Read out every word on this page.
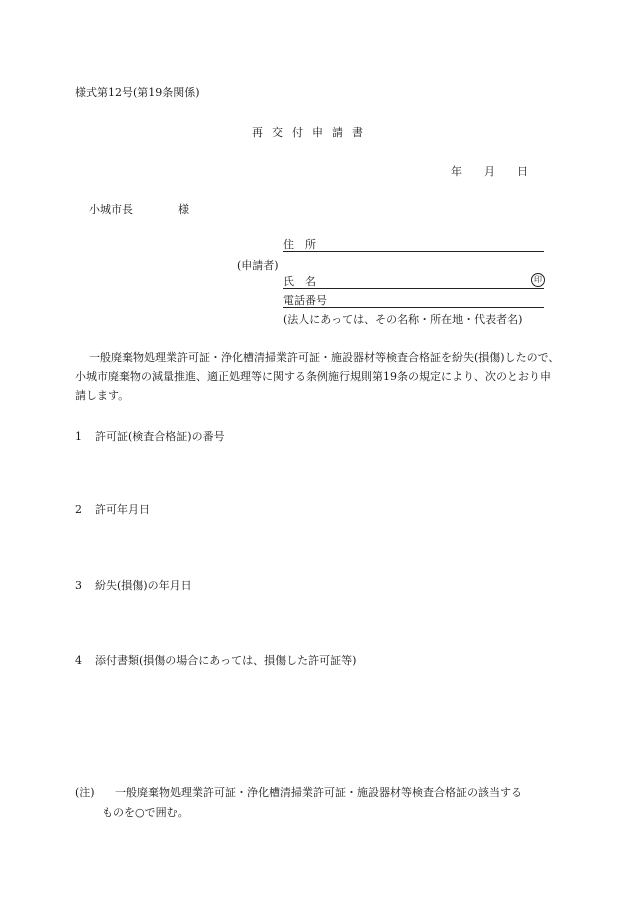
様式第12号(第19条関係)
再交付申請書
年 月 日
小城市長	様
住　所
(申請者)
氏　名	印
電話番号
(法人にあっては、その名称・所在地・代表者名)
一般廃棄物処理業許可証・浄化槽清掃業許可証・施設器材等検査合格証を紛失(損傷)したので、小城市廃棄物の減量推進、適正処理等に関する条例施行規則第19条の規定により、次のとおり申請します。
1 許可証(検査合格証)の番号
2 許可年月日
3 紛失(損傷)の年月日
4 添付書類(損傷の場合にあっては、損傷した許可証等)
(注) 一般廃棄物処理業許可証・浄化槽清掃業許可証・施設器材等検査合格証の該当する
ものを○で囲む。
